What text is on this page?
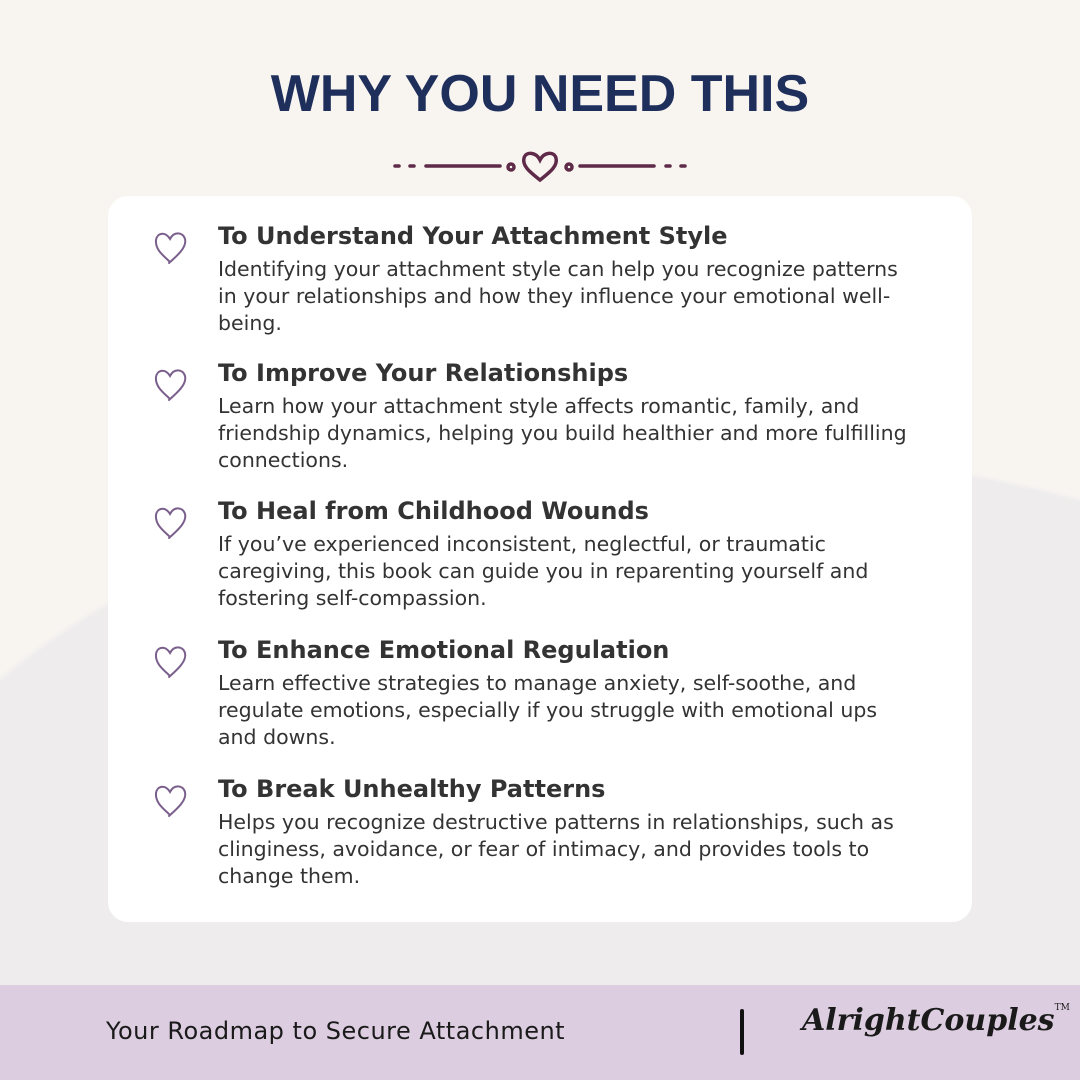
WHY YOU NEED THIS
To Understand Your Attachment Style

Identifying your attachment style can help you recognize patterns in your relationships and how they influence your emotional well-being.

To Improve Your Relationships

Learn how your attachment style affects romantic, family, and friendship dynamics, helping you build healthier and more fulfilling connections.

To Heal from Childhood Wounds

If you’ve experienced inconsistent, neglectful, or traumatic caregiving, this book can guide you in reparenting yourself and fostering self-compassion.

To Enhance Emotional Regulation

Learn effective strategies to manage anxiety, self-soothe, and regulate emotions, especially if you struggle with emotional ups and downs.

To Break Unhealthy Patterns

Helps you recognize destructive patterns in relationships, such as clinginess, avoidance, or fear of intimacy, and provides tools to change them.

Your Roadmap to Secure Attachment	AlrightCouples™
